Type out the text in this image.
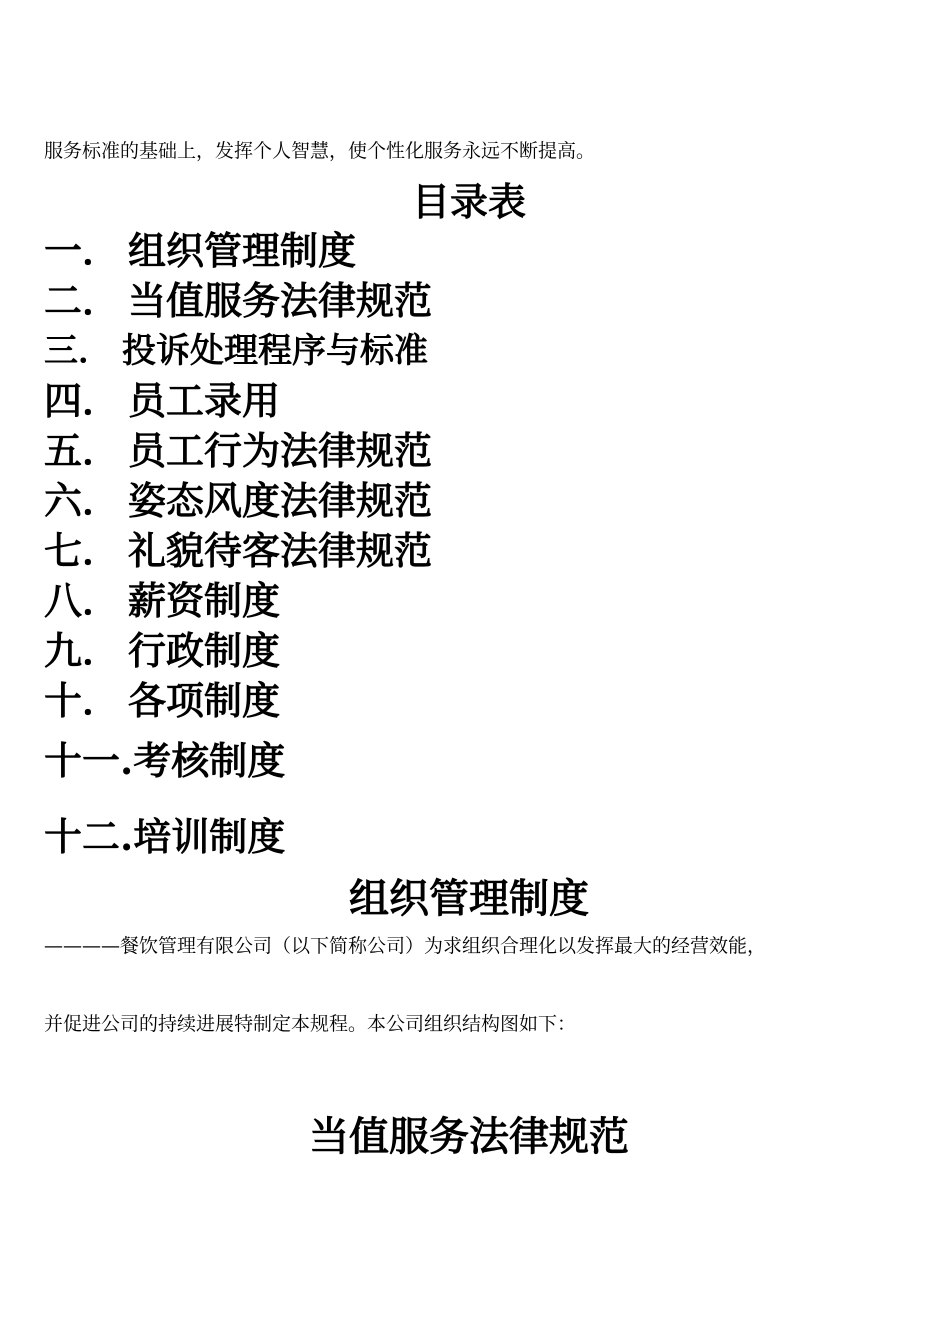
服务标准的基础上，发挥个人智慧，使个性化服务永远不断提高。
目录表
一． 组织管理制度
二． 当值服务法律规范
三． 投诉处理程序与标准
四． 员工录用
五． 员工行为法律规范
六． 姿态风度法律规范
七． 礼貌待客法律规范
八． 薪资制度
九． 行政制度
十． 各项制度
十一.考核制度
十二.培训制度
组织管理制度
————餐饮管理有限公司（以下简称公司）为求组织合理化以发挥最大的经营效能，
并促进公司的持续进展特制定本规程。本公司组织结构图如下：
当值服务法律规范
